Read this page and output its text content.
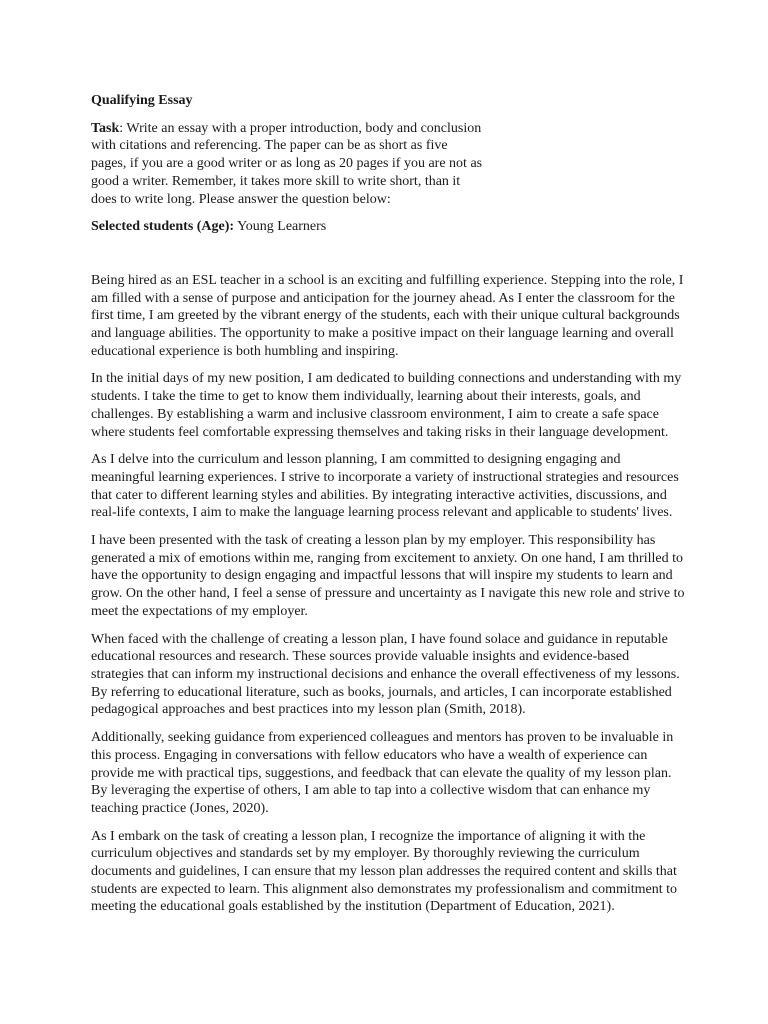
Qualifying Essay

Task: Write an essay with a proper introduction, body and conclusion with citations and referencing. The paper can be as short as five pages, if you are a good writer or as long as 20 pages if you are not as good a writer. Remember, it takes more skill to write short, than it does to write long. Please answer the question below:

Selected students (Age): Young Learners

Being hired as an ESL teacher in a school is an exciting and fulfilling experience. Stepping into the role, I am filled with a sense of purpose and anticipation for the journey ahead. As I enter the classroom for the first time, I am greeted by the vibrant energy of the students, each with their unique cultural backgrounds and language abilities. The opportunity to make a positive impact on their language learning and overall educational experience is both humbling and inspiring.

In the initial days of my new position, I am dedicated to building connections and understanding with my students. I take the time to get to know them individually, learning about their interests, goals, and challenges. By establishing a warm and inclusive classroom environment, I aim to create a safe space where students feel comfortable expressing themselves and taking risks in their language development.

As I delve into the curriculum and lesson planning, I am committed to designing engaging and meaningful learning experiences. I strive to incorporate a variety of instructional strategies and resources that cater to different learning styles and abilities. By integrating interactive activities, discussions, and real-life contexts, I aim to make the language learning process relevant and applicable to students' lives.

I have been presented with the task of creating a lesson plan by my employer. This responsibility has generated a mix of emotions within me, ranging from excitement to anxiety. On one hand, I am thrilled to have the opportunity to design engaging and impactful lessons that will inspire my students to learn and grow. On the other hand, I feel a sense of pressure and uncertainty as I navigate this new role and strive to meet the expectations of my employer.

When faced with the challenge of creating a lesson plan, I have found solace and guidance in reputable educational resources and research. These sources provide valuable insights and evidence-based strategies that can inform my instructional decisions and enhance the overall effectiveness of my lessons. By referring to educational literature, such as books, journals, and articles, I can incorporate established pedagogical approaches and best practices into my lesson plan (Smith, 2018).

Additionally, seeking guidance from experienced colleagues and mentors has proven to be invaluable in this process. Engaging in conversations with fellow educators who have a wealth of experience can provide me with practical tips, suggestions, and feedback that can elevate the quality of my lesson plan. By leveraging the expertise of others, I am able to tap into a collective wisdom that can enhance my teaching practice (Jones, 2020).

As I embark on the task of creating a lesson plan, I recognize the importance of aligning it with the curriculum objectives and standards set by my employer. By thoroughly reviewing the curriculum documents and guidelines, I can ensure that my lesson plan addresses the required content and skills that students are expected to learn. This alignment also demonstrates my professionalism and commitment to meeting the educational goals established by the institution (Department of Education, 2021).
